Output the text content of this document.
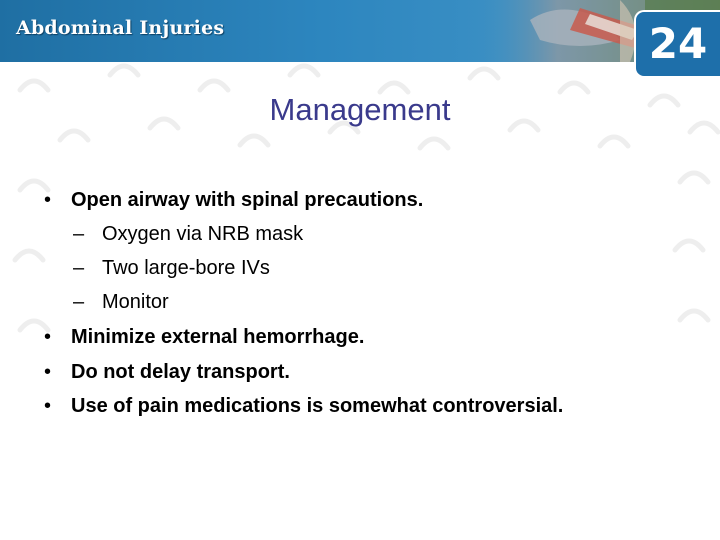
Abdominal Injuries	24
Management
• Open airway with spinal precautions.
– Oxygen via NRB mask
– Two large-bore IVs
– Monitor
• Minimize external hemorrhage.
• Do not delay transport.
• Use of pain medications is somewhat controversial.
